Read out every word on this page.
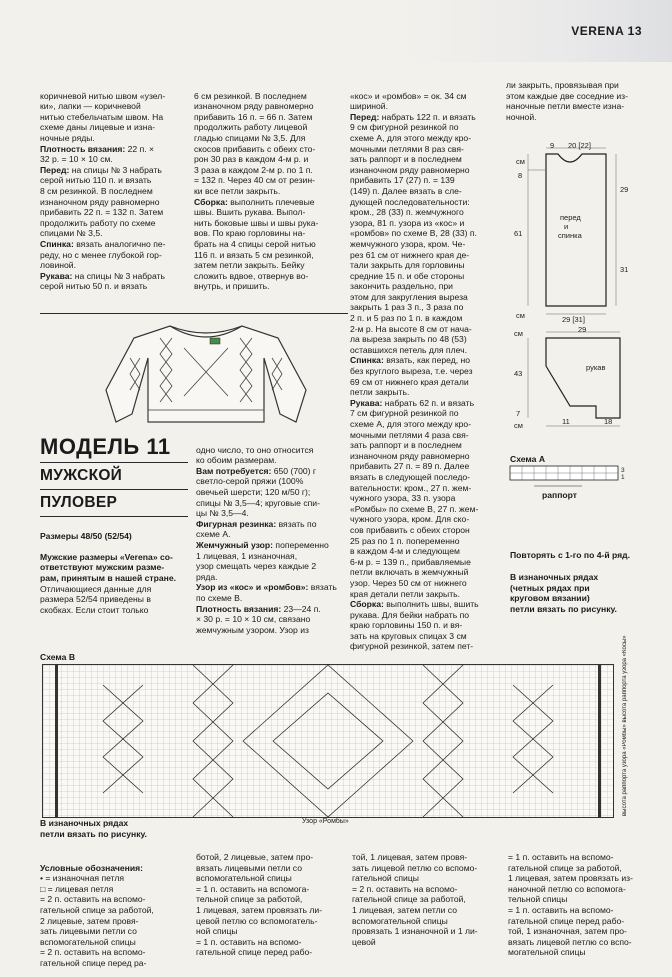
VERENA 13

коричневой нитью швом «узел-
ки», лапки — коричневой
нитью стебельчатым швом. На
схеме даны лицевые и изна-
ночные ряды.
Плотность вязания: 22 п. ×
32 р. = 10 × 10 см.
Перед: на спицы № 3 набрать
серой нитью 110 п. и вязать
8 см резинкой. В последнем
изнаночном ряду равномерно
прибавить 22 п. = 132 п. Затем
продолжить работу по схеме
спицами № 3,5.
Спинка: вязать аналогично пе-
реду, но с менее глубокой гор-
ловиной.
Рукава: на спицы № 3 набрать
серой нитью 50 п. и вязать

6 см резинкой. В последнем
изнаночном ряду равномерно
прибавить 16 п. = 66 п. Затем
продолжить работу лицевой
гладью спицами № 3,5. Для
скосов прибавить с обеих сто-
рон 30 раз в каждом 4-м р. и
3 раза в каждом 2-м р. по 1 п.
= 132 п. Через 40 см от резин-
ки все петли закрыть.
Сборка: выполнить плечевые
швы. Вшить рукава. Выпол-
нить боковые швы и швы рука-
вов. По краю горловины на-
брать на 4 спицы серой нитью
116 п. и вязать 5 см резинкой,
затем петли закрыть. Бейку
сложить вдвое, отвернув во-
внутрь, и пришить.

МОДЕЛЬ 11
МУЖСКОЙ
ПУЛОВЕР

Размеры 48/50 (52/54)

Мужские размеры «Verena» со-
ответствуют мужским разме-
рам, принятым в нашей стране.
Отличающиеся данные для
размера 52/54 приведены в
скобках. Если стоит только

одно число, то оно относится
ко обоим размерам.
Вам потребуется: 650 (700) г
светло-серой пряжи (100%
овечьей шерсти; 120 м/50 г);
спицы № 3,5—4; круговые спи-
цы № 3,5—4.
Фигурная резинка: вязать по
схеме А.
Жемчужный узор: попеременно
1 лицевая, 1 изнаночная,
узор смещать через каждые 2
ряда.
Узор из «кос» и «ромбов»: вязать
по схеме В.
Плотность вязания: 23—24 п.
× 30 р. = 10 × 10 см, связано
жемчужным узором. Узор из

«кос» и «ромбов» = ок. 34 см
шириной.
Перед: набрать 122 п. и вязать
9 см фигурной резинкой по
схеме А, для этого между кро-
мочными петлями 8 раз свя-
зать раппорт и в последнем
изнаночном ряду равномерно
прибавить 17 (27) п. = 139
(149) п. Далее вязать в сле-
дующей последовательности:
кром., 28 (33) п. жемчужного
узора, 81 п. узора из «кос» и
«ромбов» по схеме В, 28 (33) п.
жемчужного узора, кром. Че-
рез 61 см от нижнего края де-
тали закрыть для горловины
средние 15 п. и обе стороны
закончить раздельно, при
этом для закругления выреза
закрыть 1 раз 3 п., 3 раза по
2 п. и 5 раз по 1 п. в каждом
2-м р. На высоте 8 см от нача-
ла выреза закрыть по 48 (53)
оставшихся петель для плеч.
Спинка: вязать, как перед, но
без круглого выреза, т.е. через
69 см от нижнего края детали
петли закрыть.
Рукава: набрать 62 п. и вязать
7 см фигурной резинкой по
схеме А, для этого между кро-
мочными петлями 4 раза свя-
зать раппорт и в последнем
изнаночном ряду равномерно
прибавить 27 п. = 89 п. Далее
вязать в следующей последо-
вательности: кром., 27 п. жем-
чужного узора, 33 п. узора
«Ромбы» по схеме В, 27 п. жем-
чужного узора, кром. Для ско-
сов прибавить с обеих сторон
25 раз по 1 п. попеременно
в каждом 4-м и следующем
6-м р. = 139 п., прибавляемые
петли включать в жемчужный
узор. Через 50 см от нижнего
края детали петли закрыть.
Сборка: выполнить швы, вшить
рукава. Для бейки набрать по
краю горловины 150 п. и вя-
зать на круговых спицах 3 см
фигурной резинкой, затем пет-

ли закрыть, провязывая при
этом каждые две соседние из-
наночные петли вместе изна-
ночной.
см
8
9 20 [22]
29
перед и спинка
61
31
см	29 [31]
см	29
43
рукав
7
см	11	18
Схема А
3
1
раппорт
Повторять с 1-го по 4-й ряд.
В изнаночных рядах
(четных рядах при
круговом вязании)
петли вязать по рисунку.
Схема В	высота раппорта узора «Ромбы» высота раппорта узора «Косы»
В изнаночных рядах
петли вязать по рисунку.
Узор «Ромбы»

Условные обозначения:
• = изнаночная петля
□ = лицевая петля
= 2 п. оставить на вспомо-
гательной спице за работой,
2 лицевые, затем провя-
зать лицевыми петли со вспомогательной спицы
= 2 п. оставить на вспомо-
гательной спице перед ра-

ботой, 2 лицевые, затем про-
вязать лицевыми петли со
вспомогательной спицы
= 1 п. оставить на вспомога-
тельной спице за работой,
1 лицевая, затем провязать ли-
цевой петлю со вспомогатель-
ной спицы
= 1 п. оставить на вспомо-
гательной спице перед рабо-
той, 1 лицевая, затем провя-
зать лицевой петлю со вспомо-
гательной спицы
= 2 п. оставить на вспомо-
гательной спице за работой,
1 лицевая, затем петли со
вспомогательной спицы
провязать 1 изнаночной и 1 ли-
цевой
= 1 п. оставить на вспомо-
гательной спице за работой,
1 лицевая, затем провязать из-
наночной петлю со вспомога-
тельной спицы
= 1 п. оставить на вспомо-
гательной спице перед рабо-
той, 1 изнаночная, затем про-
вязать лицевой петлю со вспо-
могательной спицы
